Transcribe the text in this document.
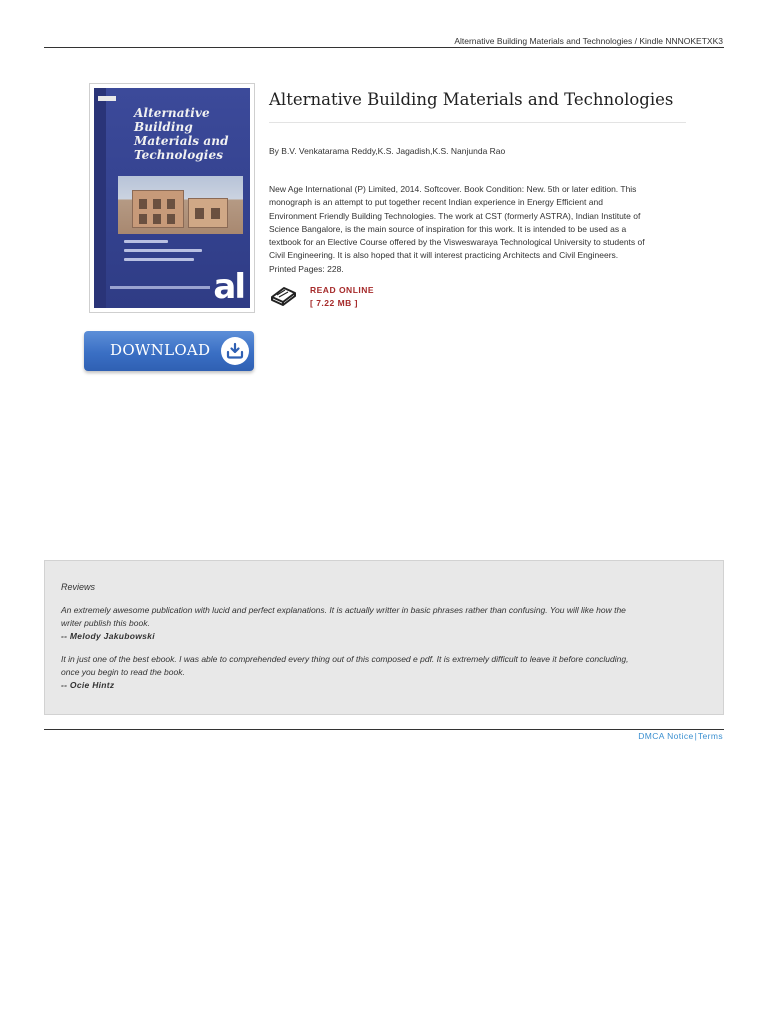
Alternative Building Materials and Technologies / Kindle NNNOKETXK3
Alternative
Building
Materials and
Technologies
al
DOWNLOAD
Alternative Building Materials and Technologies
By B.V. Venkatarama Reddy,K.S. Jagadish,K.S. Nanjunda Rao
New Age International (P) Limited, 2014. Softcover. Book Condition: New. 5th or later edition. This
monograph is an attempt to put together recent Indian experience in Energy Efficient and
Environment Friendly Building Technologies. The work at CST (formerly ASTRA), Indian Institute of
Science Bangalore, is the main source of inspiration for this work. It is intended to be used as a
textbook for an Elective Course offered by the Visweswaraya Technological University to students of
Civil Engineering. It is also hoped that it will interest practicing Architects and Civil Engineers.
Printed Pages: 228.
READ ONLINE
[ 7.22 MB ]
Reviews
An extremely awesome publication with lucid and perfect explanations. It is actually writter in basic phrases rather than confusing. You will like how the
writer publish this book.
-- Melody Jakubowski
It in just one of the best ebook. I was able to comprehended every thing out of this composed e pdf. It is extremely difficult to leave it before concluding,
once you begin to read the book.
-- Ocie Hintz
DMCA Notice|Terms
